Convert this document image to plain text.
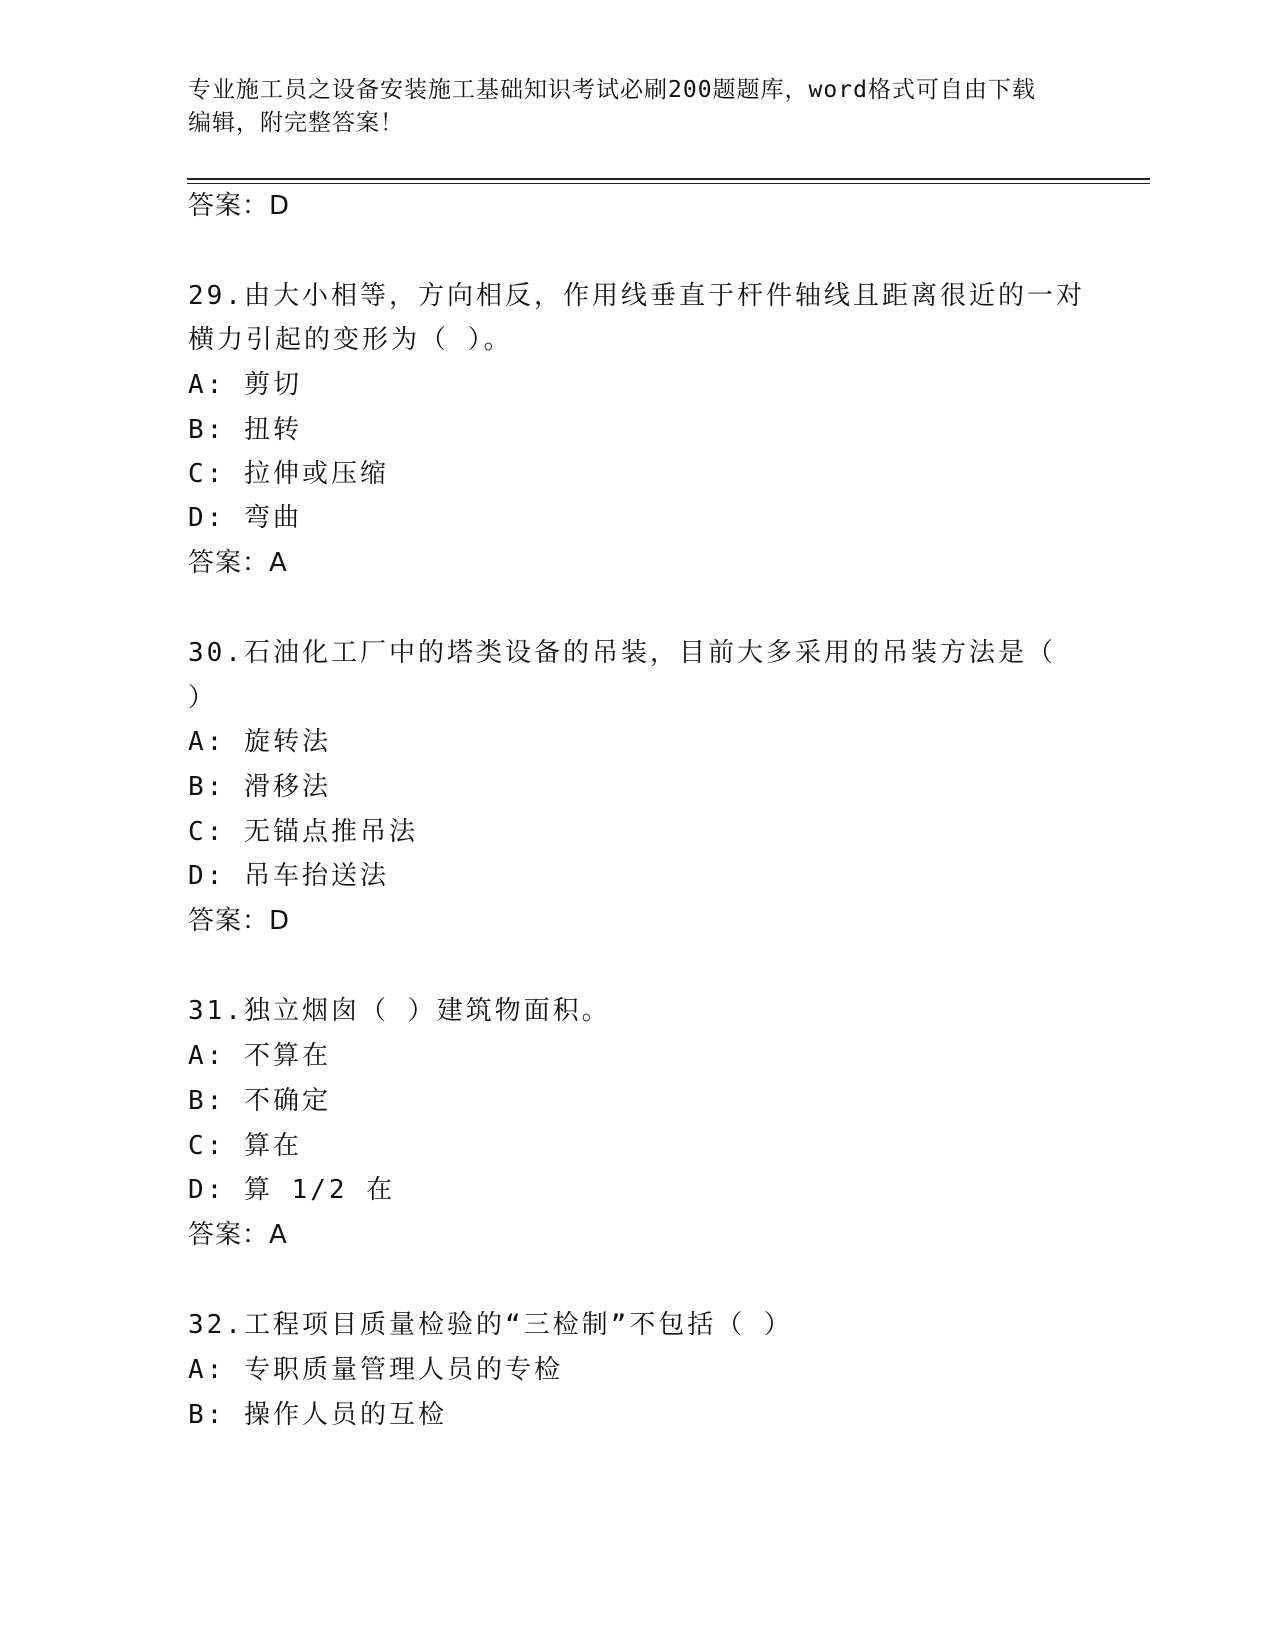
专业施工员之设备安装施工基础知识考试必刷200题题库，word格式可自由下载
编辑，附完整答案！
答案：D
29.由大小相等，方向相反，作用线垂直于杆件轴线且距离很近的一对
横力引起的变形为（ ）。
A: 剪切
B: 扭转
C: 拉伸或压缩
D: 弯曲
答案：A
30.石油化工厂中的塔类设备的吊装，目前大多采用的吊装方法是（
）
A: 旋转法
B: 滑移法
C: 无锚点推吊法
D: 吊车抬送法
答案：D
31.独立烟囱（ ）建筑物面积。
A: 不算在
B: 不确定
C: 算在
D: 算 1/2 在
答案：A
32.工程项目质量检验的“三检制”不包括（ ）
A: 专职质量管理人员的专检
B: 操作人员的互检
